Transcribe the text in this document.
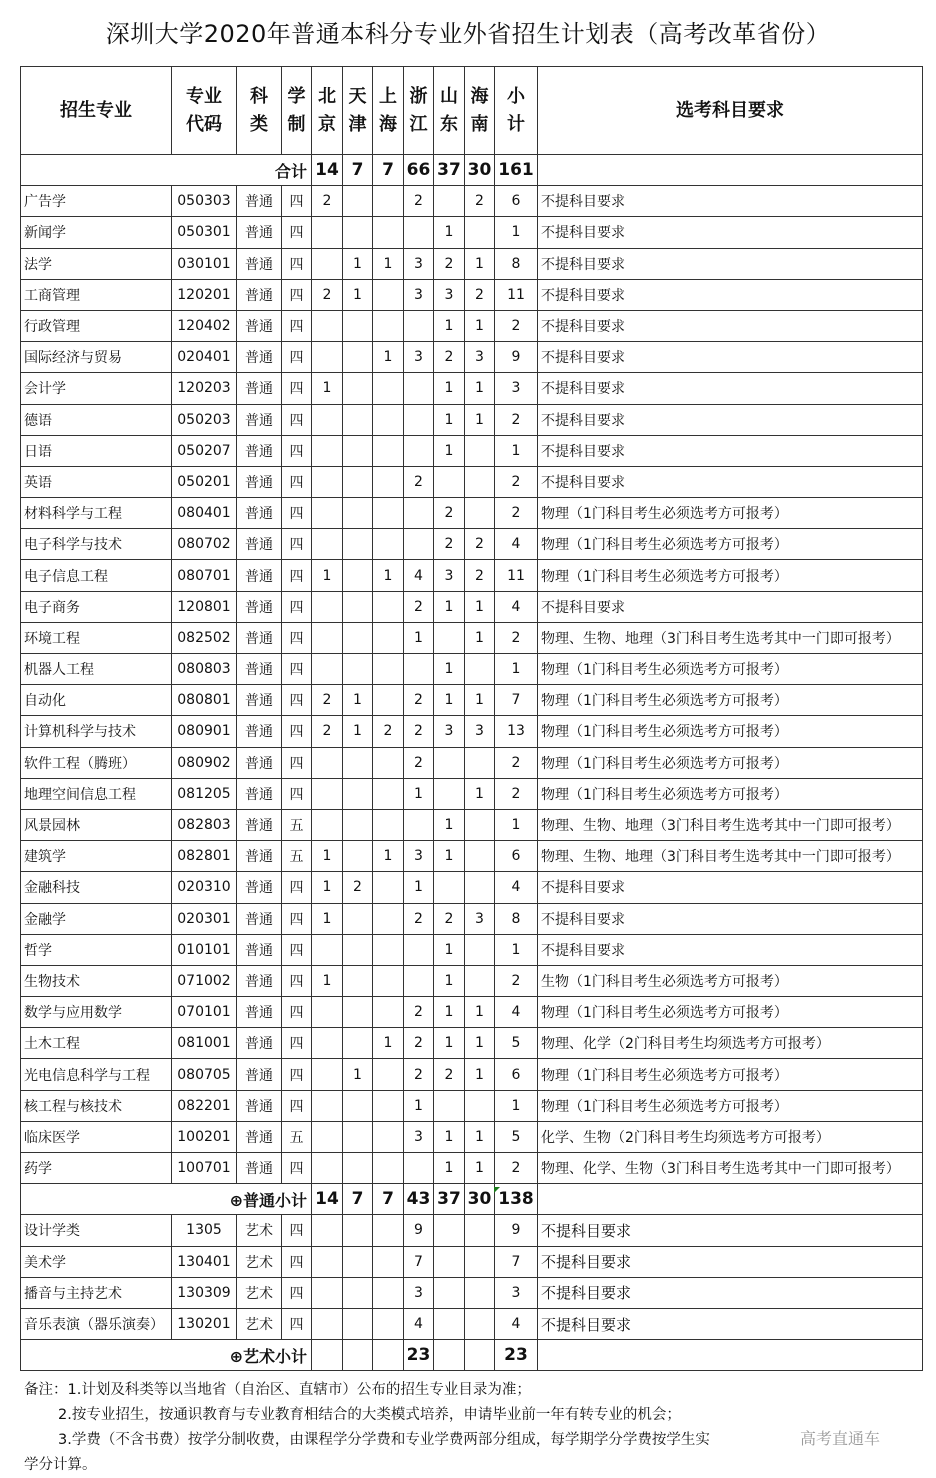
深圳大学2020年普通本科分专业外省招生计划表（高考改革省份）
招生专业	专业代码	科类	学制	北京	天津	上海	浙江	山东	海南	小计	选考科目要求
合计				14	7	7	66	37	30	161	
广告学	050303	普通	四	2			2		2	6	不提科目要求
新闻学	050301	普通	四					1		1	不提科目要求
法学	030101	普通	四		1	1	3	2	1	8	不提科目要求
工商管理	120201	普通	四	2	1		3	3	2	11	不提科目要求
行政管理	120402	普通	四					1	1	2	不提科目要求
国际经济与贸易	020401	普通	四			1	3	2	3	9	不提科目要求
会计学	120203	普通	四	1				1	1	3	不提科目要求
德语	050203	普通	四					1	1	2	不提科目要求
日语	050207	普通	四					1		1	不提科目要求
英语	050201	普通	四				2			2	不提科目要求
材料科学与工程	080401	普通	四					2		2	物理（1门科目考生必须选考方可报考）
电子科学与技术	080702	普通	四					2	2	4	物理（1门科目考生必须选考方可报考）
电子信息工程	080701	普通	四	1		1	4	3	2	11	物理（1门科目考生必须选考方可报考）
电子商务	120801	普通	四				2	1	1	4	不提科目要求
环境工程	082502	普通	四				1		1	2	物理、生物、地理（3门科目考生选考其中一门即可报考）
机器人工程	080803	普通	四					1		1	物理（1门科目考生必须选考方可报考）
自动化	080801	普通	四	2	1		2	1	1	7	物理（1门科目考生必须选考方可报考）
计算机科学与技术	080901	普通	四	2	1	2	2	3	3	13	物理（1门科目考生必须选考方可报考）
软件工程（腾班）	080902	普通	四				2			2	物理（1门科目考生必须选考方可报考）
地理空间信息工程	081205	普通	四				1		1	2	物理（1门科目考生必须选考方可报考）
风景园林	082803	普通	五					1		1	物理、生物、地理（3门科目考生选考其中一门即可报考）
建筑学	082801	普通	五	1		1	3	1		6	物理、生物、地理（3门科目考生选考其中一门即可报考）
金融科技	020310	普通	四	1	2		1			4	不提科目要求
金融学	020301	普通	四	1			2	2	3	8	不提科目要求
哲学	010101	普通	四					1		1	不提科目要求
生物技术	071002	普通	四	1				1		2	生物（1门科目考生必须选考方可报考）
数学与应用数学	070101	普通	四				2	1	1	4	物理（1门科目考生必须选考方可报考）
土木工程	081001	普通	四			1	2	1	1	5	物理、化学（2门科目考生均须选考方可报考）
光电信息科学与工程	080705	普通	四		1		2	2	1	6	物理（1门科目考生必须选考方可报考）
核工程与核技术	082201	普通	四				1			1	物理（1门科目考生必须选考方可报考）
临床医学	100201	普通	五				3	1	1	5	化学、生物（2门科目考生均须选考方可报考）
药学	100701	普通	四					1	1	2	物理、化学、生物（3门科目考生选考其中一门即可报考）
⊕普通小计				14	7	7	43	37	30	138	
设计学类	1305	艺术	四				9			9	不提科目要求
美术学	130401	艺术	四				7			7	不提科目要求
播音与主持艺术	130309	艺术	四				3			3	不提科目要求
音乐表演（器乐演奏）	130201	艺术	四				4			4	不提科目要求
⊕艺术小计							23			23	
备注：1.计划及科类等以当地省（自治区、直辖市）公布的招生专业目录为准；
2.按专业招生，按通识教育与专业教育相结合的大类模式培养，申请毕业前一年有转专业的机会；
3.学费（不含书费）按学分制收费，由课程学分学费和专业学费两部分组成，每学期学分学费按学生实
学分计算。
高考直通车
